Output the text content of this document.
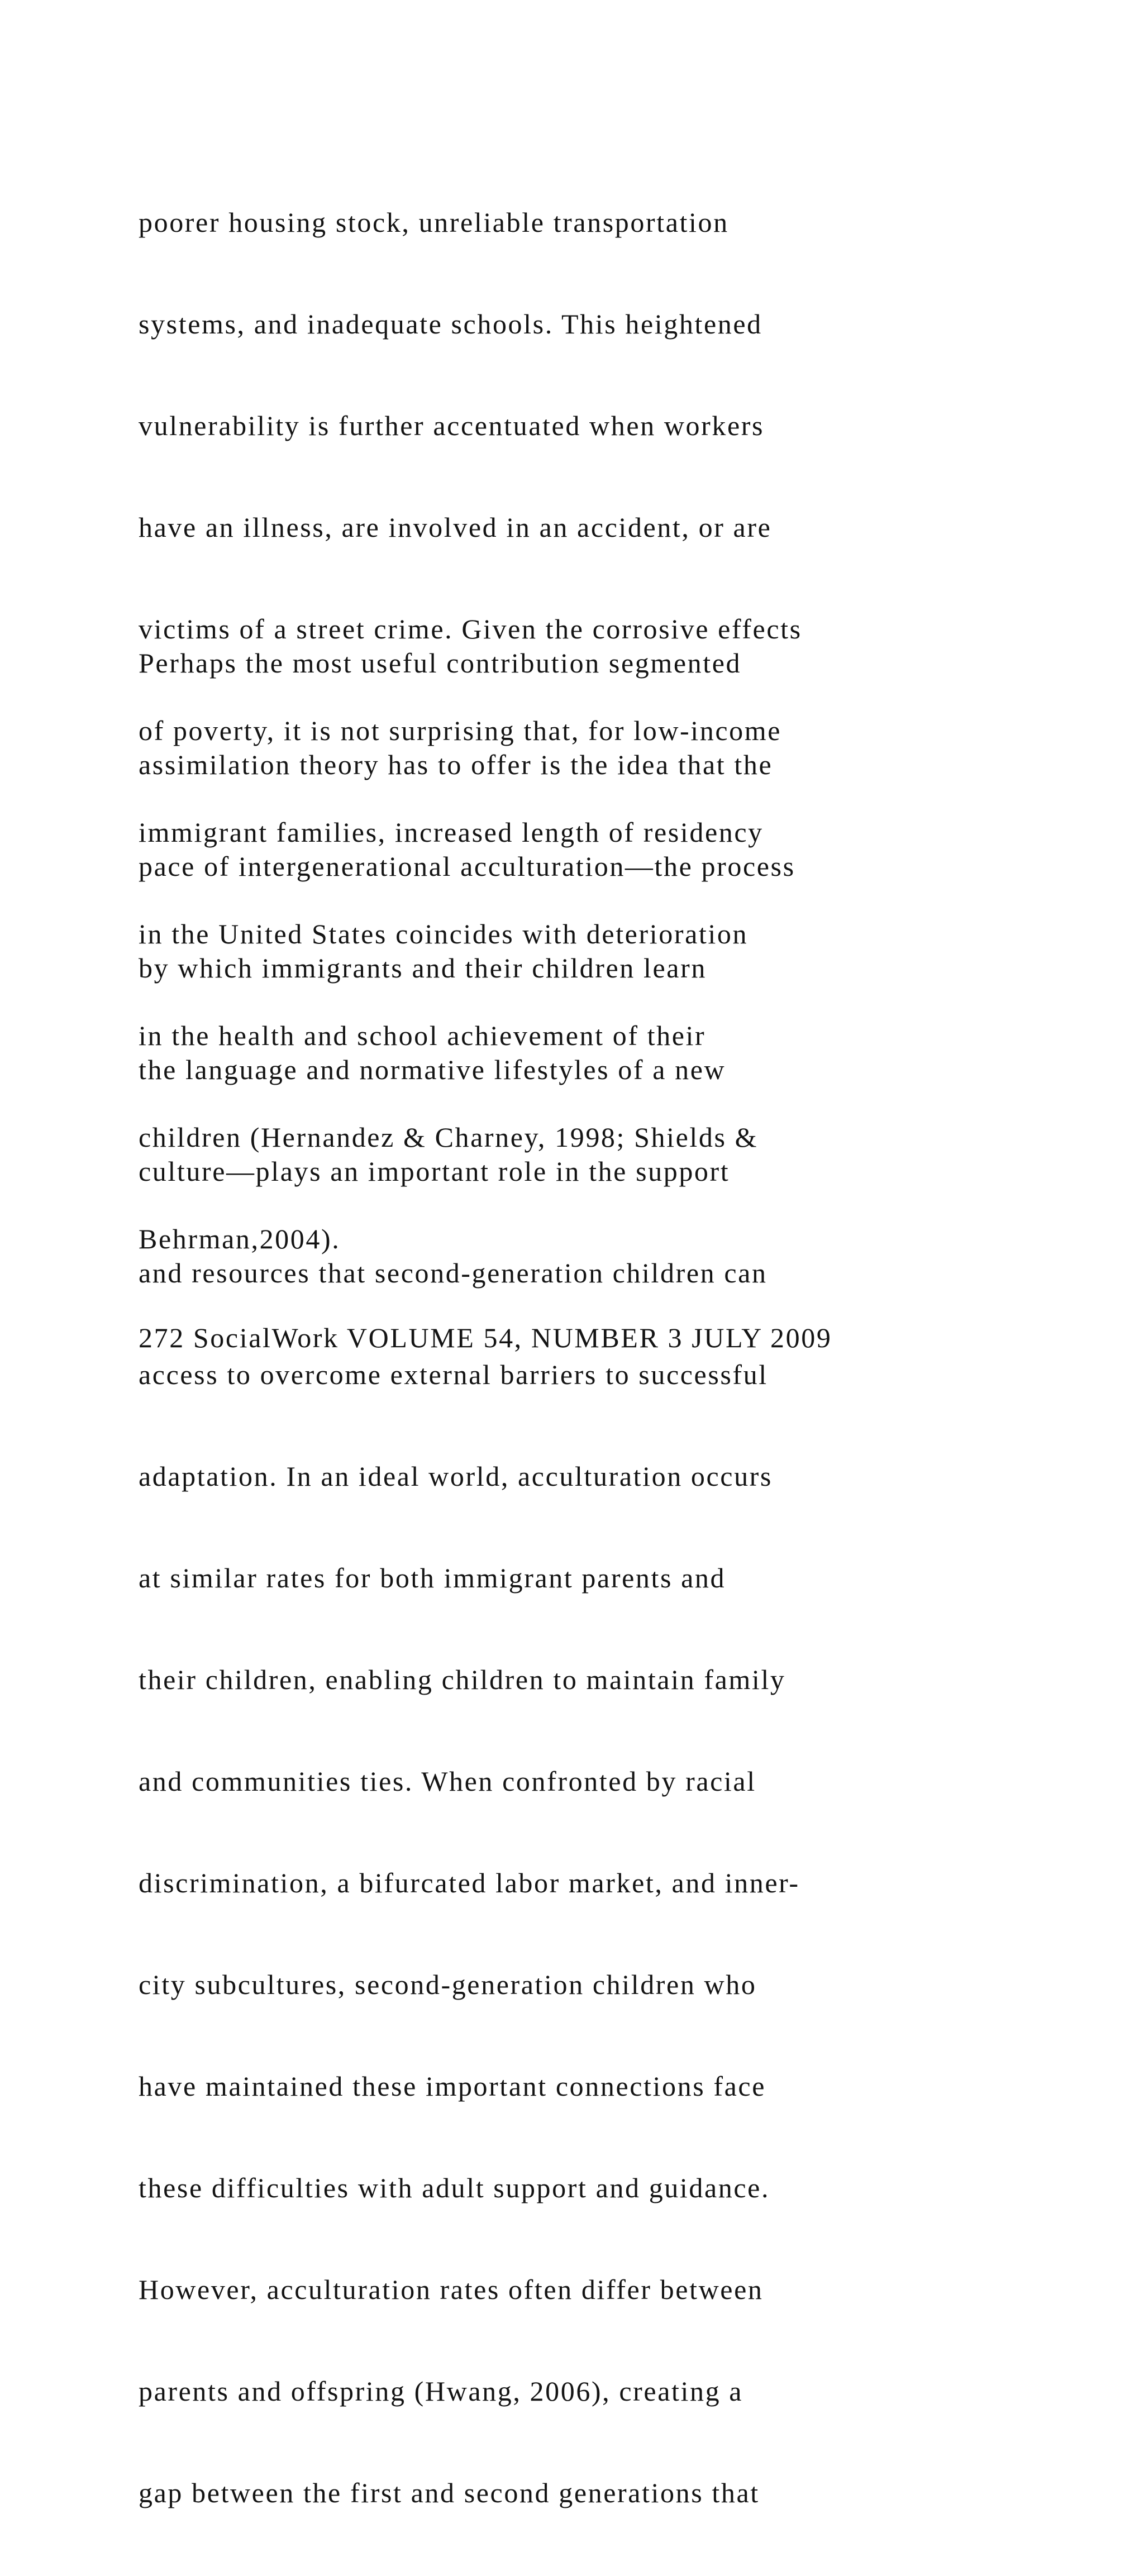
poorer housing stock, unreliable transportation

systems, and inadequate schools. This heightened

vulnerability is further accentuated when workers

have an illness, are involved in an accident, or are

victims of a street crime. Given the corrosive effects

of poverty, it is not surprising that, for low-income

immigrant families, increased length of residency

in the United States coincides with deterioration

in the health and school achievement of their

children (Hernandez & Charney, 1998; Shields &

Behrman,2004).

Perhaps the most useful contribution segmented

assimilation theory has to offer is the idea that the

pace of intergenerational acculturation—the process

by which immigrants and their children learn

the language and normative lifestyles of a new

culture—plays an important role in the support

and resources that second-generation children can

access to overcome external barriers to successful

adaptation. In an ideal world, acculturation occurs

at similar rates for both immigrant parents and

their children, enabling children to maintain family

and communities ties. When confronted by racial

discrimination, a bifurcated labor market, and inner-

city subcultures, second-generation children who

have maintained these important connections face

these difficulties with adult support and guidance.

However, acculturation rates often differ between

parents and offspring (Hwang, 2006), creating a

gap between the first and second generations that

272 SocialWork VOLUME 54, NUMBER 3 JULY 2009
